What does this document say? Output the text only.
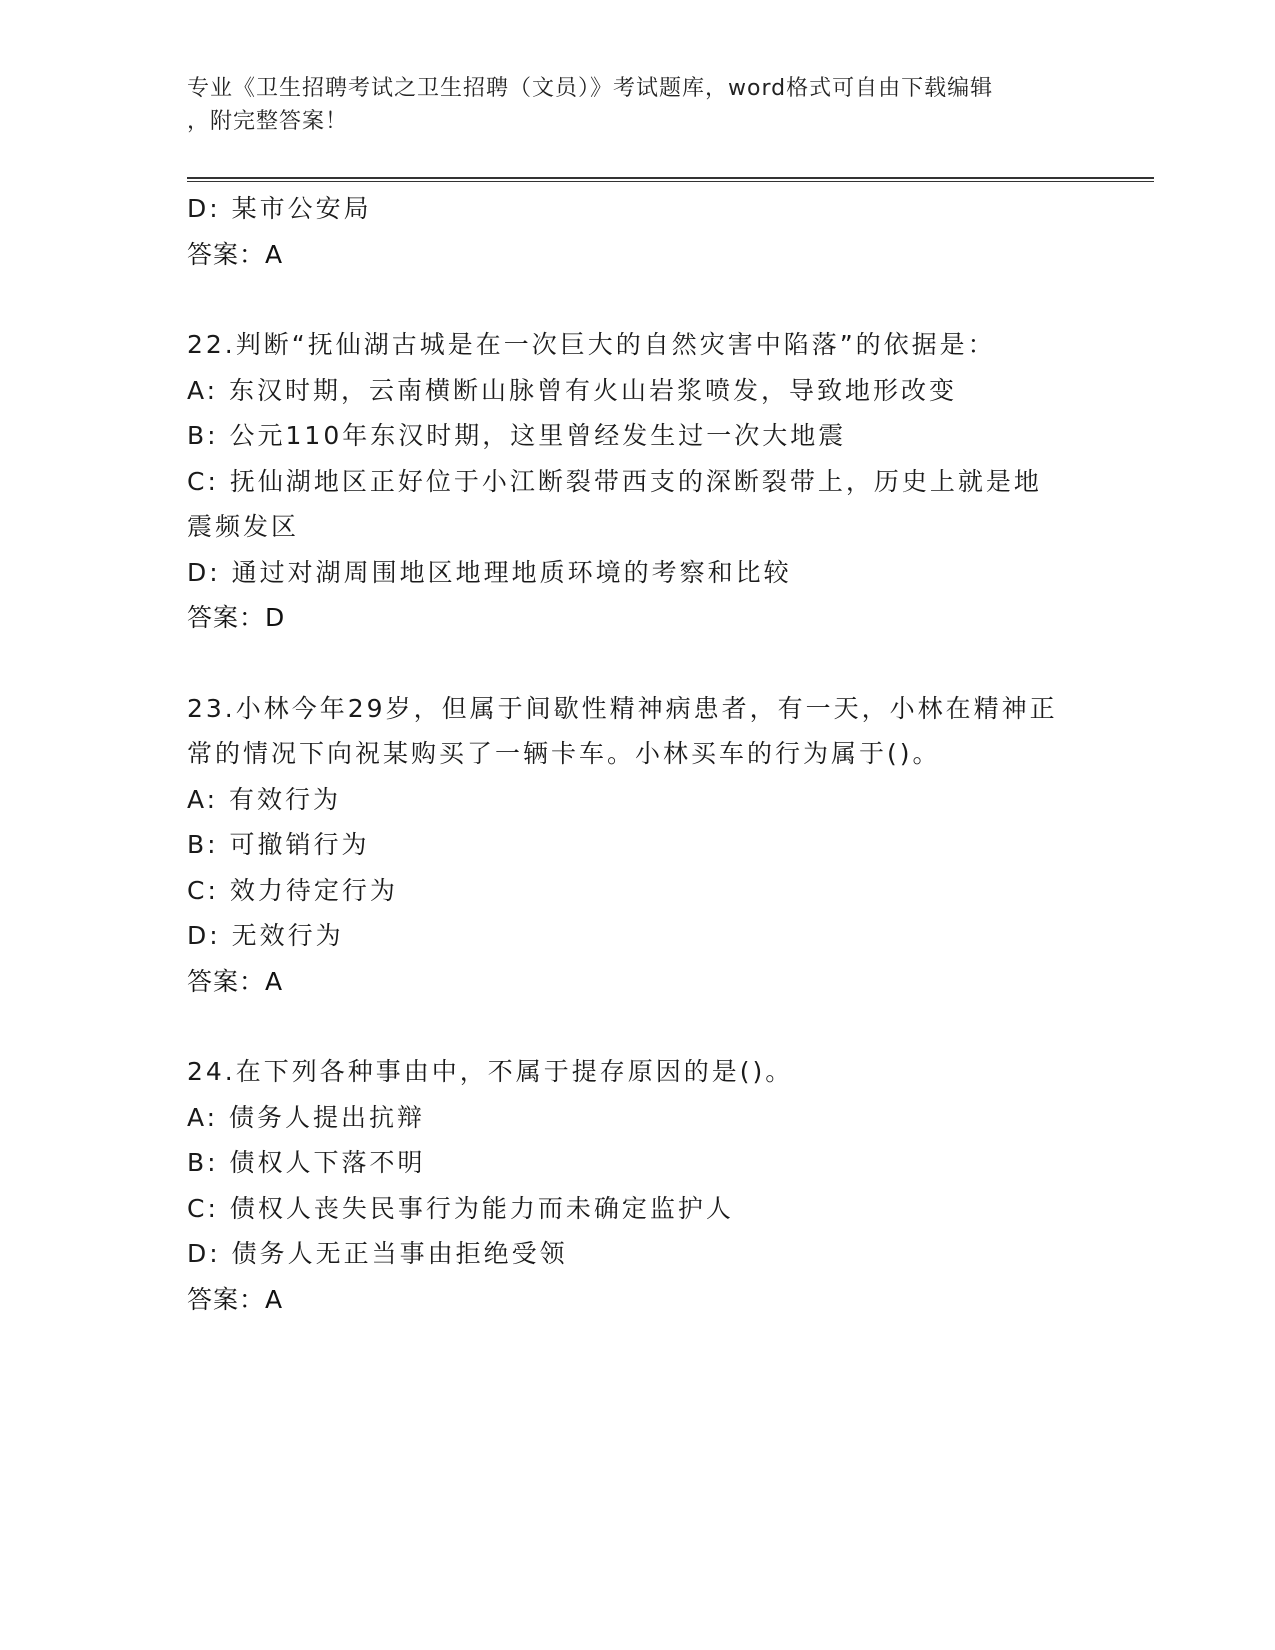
专业《卫生招聘考试之卫生招聘（文员）》考试题库，word格式可自由下载编辑
，附完整答案！
D: 某市公安局
答案：A
22.判断“抚仙湖古城是在一次巨大的自然灾害中陷落”的依据是：
A: 东汉时期，云南横断山脉曾有火山岩浆喷发，导致地形改变
B: 公元110年东汉时期，这里曾经发生过一次大地震
C: 抚仙湖地区正好位于小江断裂带西支的深断裂带上，历史上就是地震频发区
D: 通过对湖周围地区地理地质环境的考察和比较
答案：D
23.小林今年29岁，但属于间歇性精神病患者，有一天，小林在精神正常的情况下向祝某购买了一辆卡车。小林买车的行为属于()。
A: 有效行为
B: 可撤销行为
C: 效力待定行为
D: 无效行为
答案：A
24.在下列各种事由中，不属于提存原因的是()。
A: 债务人提出抗辩
B: 债权人下落不明
C: 债权人丧失民事行为能力而未确定监护人
D: 债务人无正当事由拒绝受领
答案：A
